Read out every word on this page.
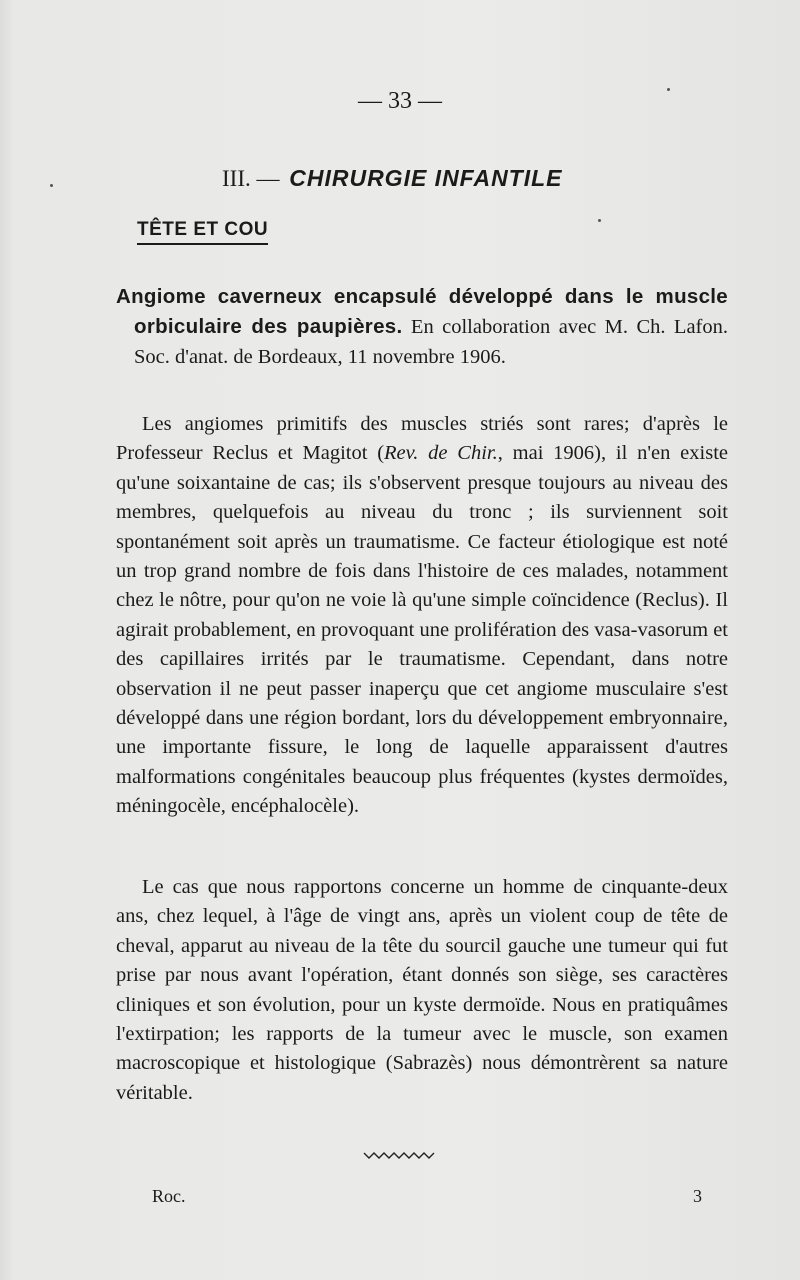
— 33 —
III. — CHIRURGIE INFANTILE
TÊTE ET COU
Angiome caverneux encapsulé développé dans le muscle orbiculaire des paupières. En collaboration avec M. Ch. Lafon. Soc. d'anat. de Bordeaux, 11 novembre 1906.

Les angiomes primitifs des muscles striés sont rares; d'après le Professeur Reclus et Magitot (Rev. de Chir., mai 1906), il n'en existe qu'une soixantaine de cas; ils s'observent presque toujours au niveau des membres, quelquefois au niveau du tronc ; ils surviennent soit spontanément soit après un traumatisme. Ce facteur étiologique est noté un trop grand nombre de fois dans l'histoire de ces malades, notamment chez le nôtre, pour qu'on ne voie là qu'une simple coïncidence (Reclus). Il agirait probablement, en provoquant une prolifération des vasa-vasorum et des capillaires irrités par le traumatisme. Cependant, dans notre observation il ne peut passer inaperçu que cet angiome musculaire s'est développé dans une région bordant, lors du développement embryonnaire, une importante fissure, le long de laquelle apparaissent d'autres malformations congénitales beaucoup plus fréquentes (kystes dermoïdes, méningocèle, encéphalocèle).

Le cas que nous rapportons concerne un homme de cinquante-deux ans, chez lequel, à l'âge de vingt ans, après un violent coup de tête de cheval, apparut au niveau de la tête du sourcil gauche une tumeur qui fut prise par nous avant l'opération, étant donnés son siège, ses caractères cliniques et son évolution, pour un kyste dermoïde. Nous en pratiquâmes l'extirpation; les rapports de la tumeur avec le muscle, son examen macroscopique et histologique (Sabrazès) nous démontrèrent sa nature véritable.

Roc.	3
